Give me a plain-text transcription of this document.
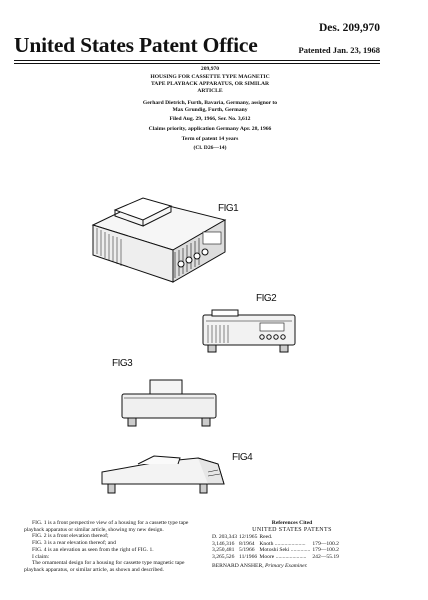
United States Patent Office
Des. 209,970
Patented Jan. 23, 1968
209,970
HOUSING FOR CASSETTE TYPE MAGNETIC
TAPE PLAYBACK APPARATUS, OR SIMILAR
ARTICLE
Gerhard Dietrich, Furth, Bavaria, Germany, assignor to
Max Grundig, Furth, Germany
Filed Aug. 29, 1966, Ser. No. 3,612
Claims priority, application Germany Apr. 28, 1966
Term of patent 14 years
(Cl. D26—14)
FIG1
FIG2
FIG3
FIG4

FIG. 1 is a front perspective view of a housing for a cassette type tape playback apparatus or similar article, showing my new design.

FIG. 2 is a front elevation thereof;

FIG. 3 is a rear elevation thereof; and

FIG. 4 is an elevation as seen from the right of FIG. 1.

I claim:

The ornamental design for a housing for cassette type magnetic tape playback apparatus, or similar article, as shown and described.

References Cited
UNITED STATES PATENTS
D. 203,343	12/1965	Reed.	
3,146,316	8/1964	Knoth ......................	179—100.2
3,250,481	5/1966	Motoshi Seki ..............	179—100.2
3,265,526	11/1966	Moore ......................	242—55.19
BERNARD ANSHER, Primary Examiner.
